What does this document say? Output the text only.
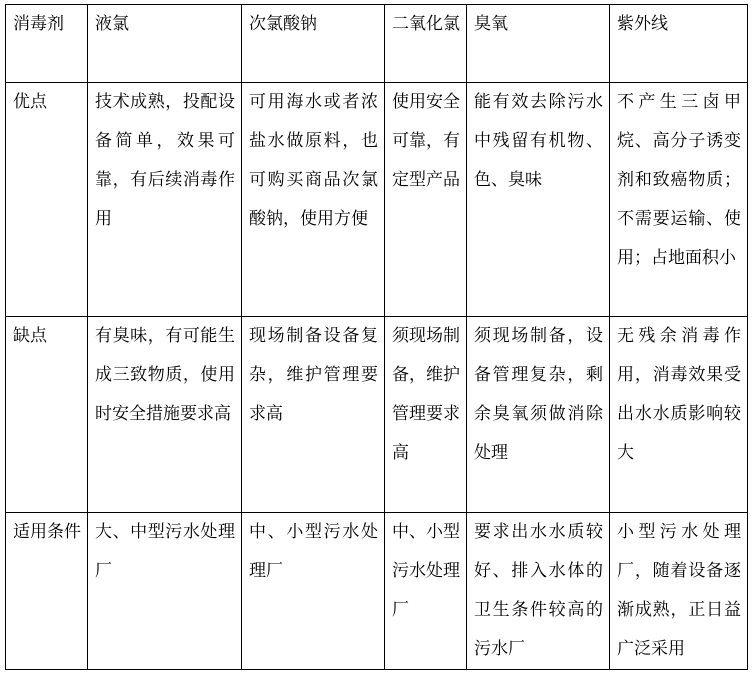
消毒剂	液氯	次氯酸钠	二氧化氯	臭氧	紫外线
优点	技术成熟，投配设备简单，效果可靠，有后续消毒作用	可用海水或者浓盐水做原料，也可购买商品次氯酸钠，使用方便	使用安全可靠，有定型产品	能有效去除污水中残留有机物、色、臭味	不产生三卤甲烷、高分子诱变剂和致癌物质；不需要运输、使用；占地面积小
缺点	有臭味，有可能生成三致物质，使用时安全措施要求高	现场制备设备复杂，维护管理要求高	须现场制备，维护管理要求高	须现场制备，设备管理复杂，剩余臭氧须做消除处理	无残余消毒作用，消毒效果受出水水质影响较大
适用条件	大、中型污水处理厂	中、小型污水处理厂	中、小型污水处理厂	要求出水水质较好、排入水体的卫生条件较高的污水厂	小型污水处理厂，随着设备逐渐成熟，正日益广泛采用
